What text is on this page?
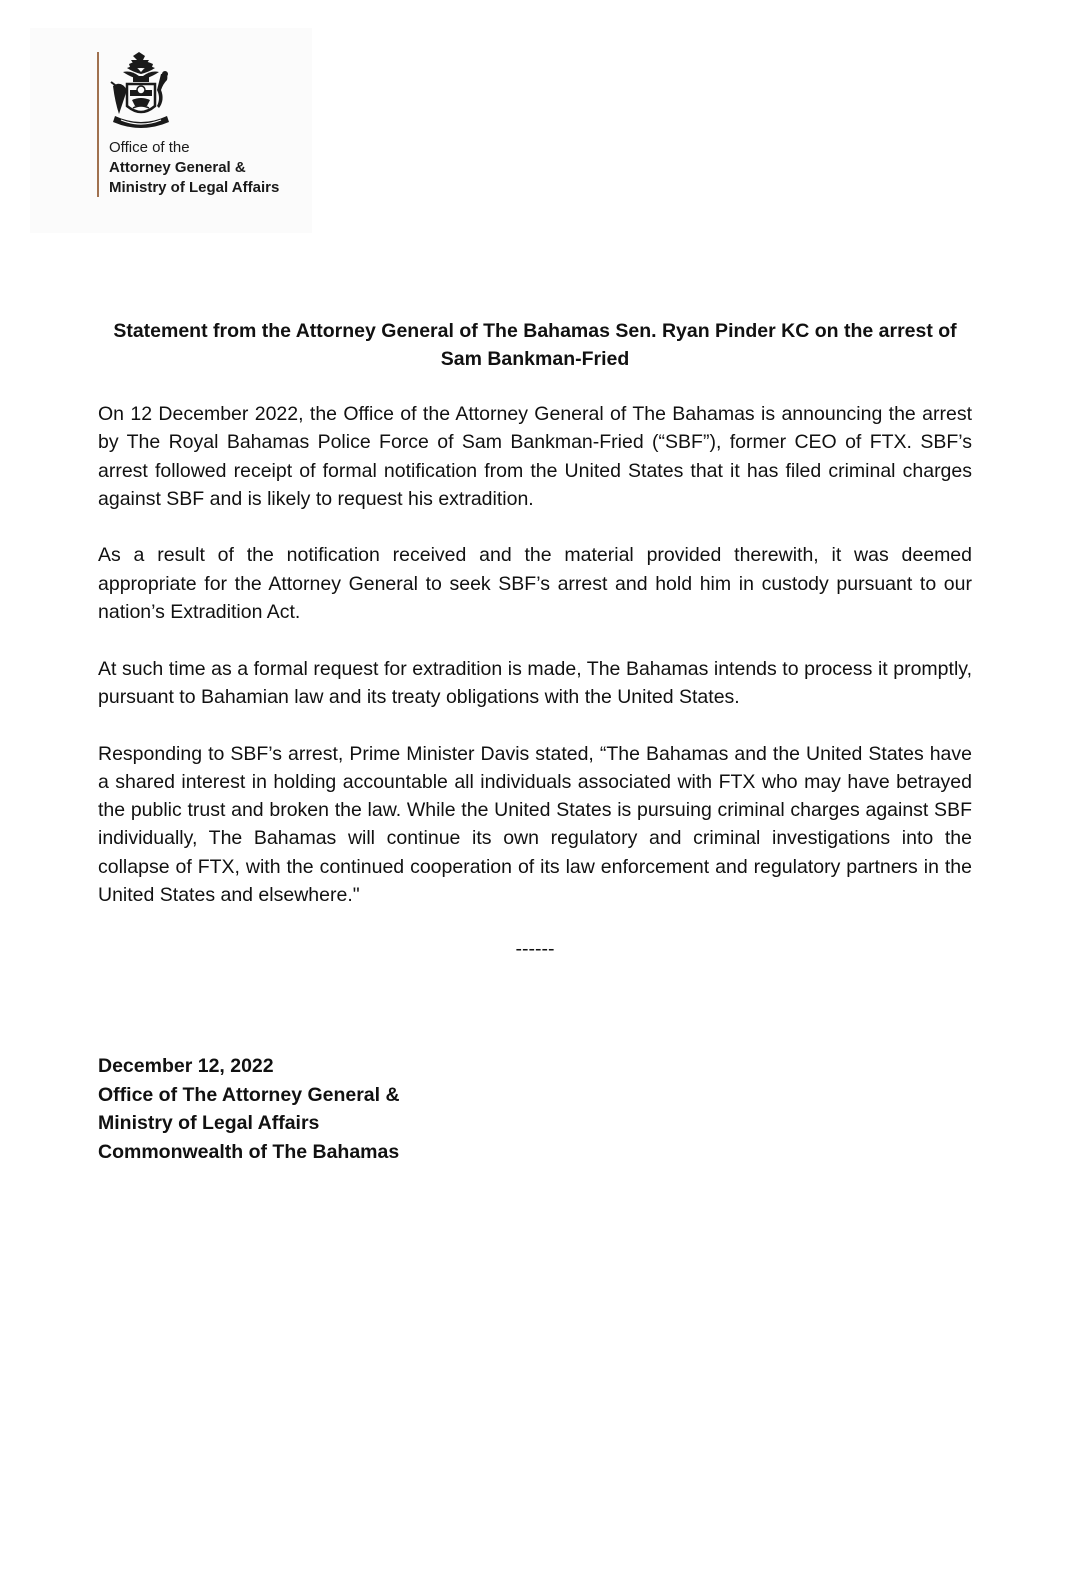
Office of the
Attorney General &
Ministry of Legal Affairs
Statement from the Attorney General of The Bahamas Sen. Ryan Pinder KC on the arrest of Sam Bankman-Fried

On 12 December 2022, the Office of the Attorney General of The Bahamas is announcing the arrest by The Royal Bahamas Police Force of Sam Bankman-Fried (“SBF”), former CEO of FTX. SBF’s arrest followed receipt of formal notification from the United States that it has filed criminal charges against SBF and is likely to request his extradition.

As a result of the notification received and the material provided therewith, it was deemed appropriate for the Attorney General to seek SBF’s arrest and hold him in custody pursuant to our nation’s Extradition Act.

At such time as a formal request for extradition is made, The Bahamas intends to process it promptly, pursuant to Bahamian law and its treaty obligations with the United States.

Responding to SBF’s arrest, Prime Minister Davis stated, “The Bahamas and the United States have a shared interest in holding accountable all individuals associated with FTX who may have betrayed the public trust and broken the law. While the United States is pursuing criminal charges against SBF individually, The Bahamas will continue its own regulatory and criminal investigations into the collapse of FTX, with the continued cooperation of its law enforcement and regulatory partners in the United States and elsewhere."

------
December 12, 2022
Office of The Attorney General &
Ministry of Legal Affairs
Commonwealth of The Bahamas
